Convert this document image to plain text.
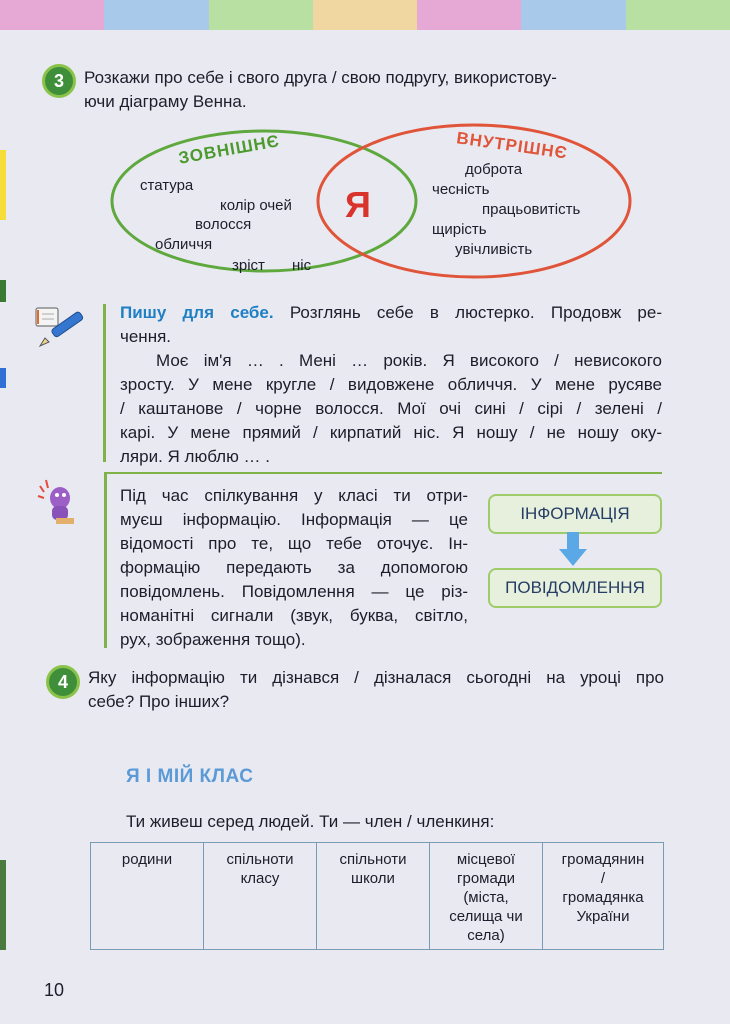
3	Розкажи про себе і свого друга / свою подругу, використову-
ючи діаграму Венна.
ЗОВНІШНЄ	ВНУТРІШНЄ
Я
статура
колір очей
волосся
обличчя
зріст ніс
доброта
чесність
працьовитість
щирість
увічливість
Пишу для себе. Розглянь себе в люстерко. Продовж ре-
чення.
Моє ім'я … . Мені … років. Я високого / невисокого
зросту. У мене кругле / видовжене обличчя. У мене русяве
/ каштанове / чорне волосся. Мої очі сині / сірі / зелені /
карі. У мене прямий / кирпатий ніс. Я ношу / не ношу оку-
ляри. Я люблю … .
Під час спілкування у класі ти отри-
муєш інформацію. Інформація — це
відомості про те, що тебе оточує. Ін-
формацію передають за допомогою
повідомлень. Повідомлення — це різ-
номанітні сигнали (звук, буква, світло,
рух, зображення тощо).
ІНФОРМАЦІЯ
ПОВІДОМЛЕННЯ
4	Яку інформацію ти дізнався / дізналася сьогодні на уроці про
себе? Про інших?
Я І МІЙ КЛАС
Ти живеш серед людей. Ти — член / членкиня:
родини	спільноти
класу

спільноти
школи

місцевої
громади
(міста,
селища чи
села)

громадянин
/
громадянка
України
10
